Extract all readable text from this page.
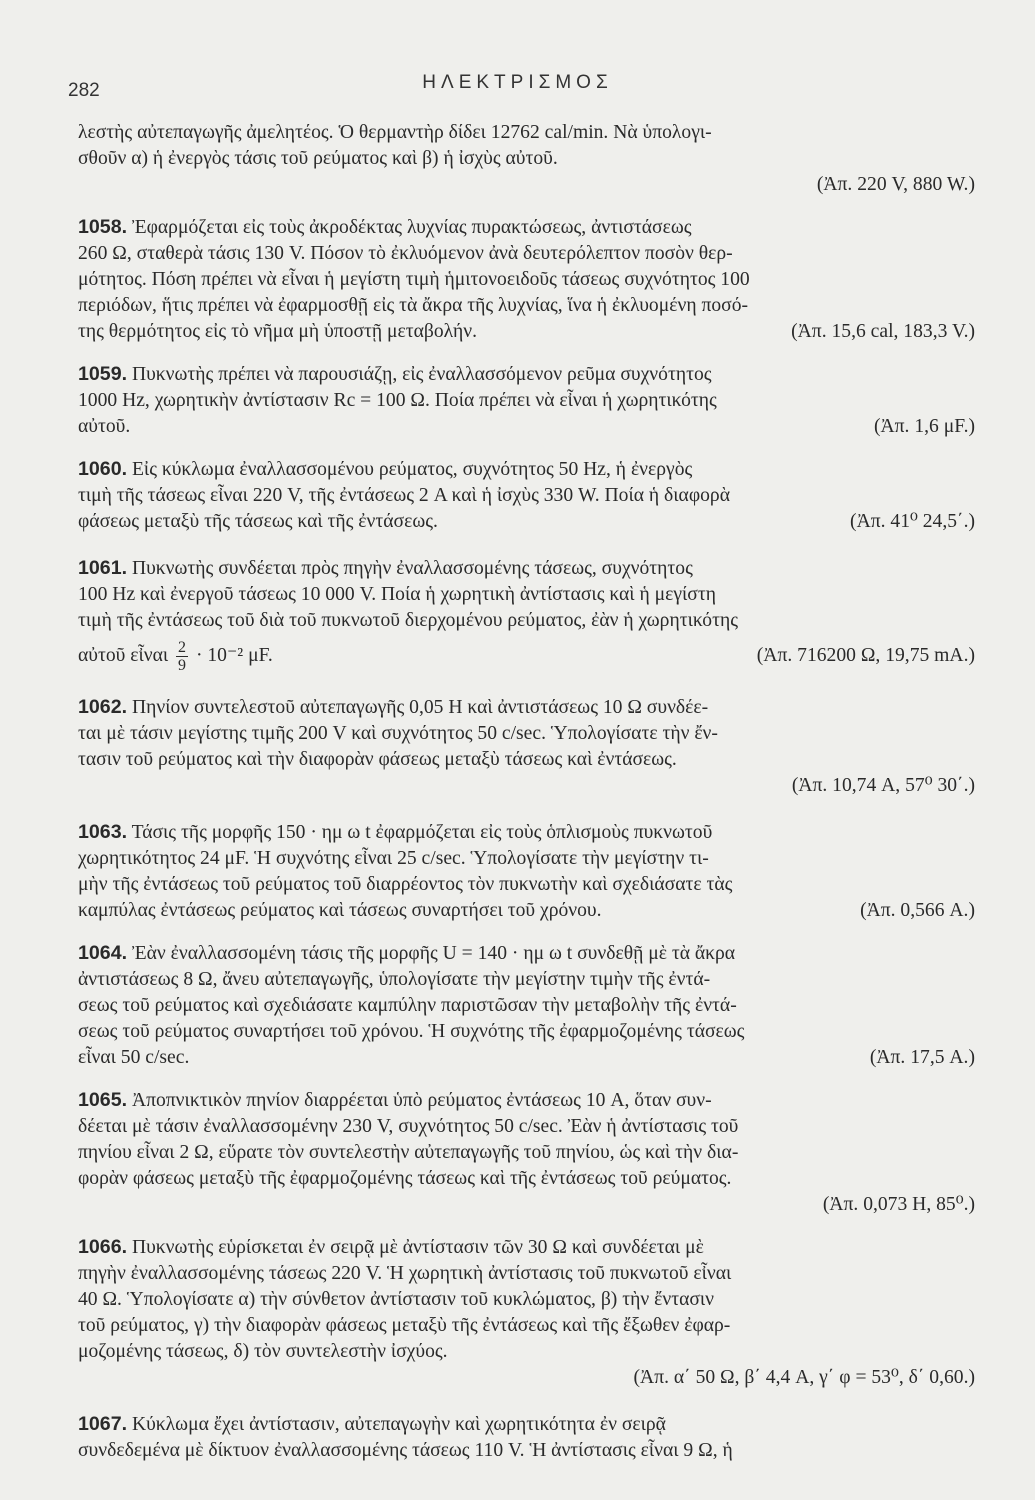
282	ΗΛΕΚΤΡΙΣΜΟΣ
λεστὴς αὐτεπαγωγῆς ἀμελητέος. Ὁ θερμαντὴρ δίδει 12762 cal/min. Νὰ ὑπολογι-
σθοῦν α) ἡ ἐνεργὸς τάσις τοῦ ρεύματος καὶ β) ἡ ἰσχὺς αὐτοῦ.
(Ἀπ. 220 V, 880 W.)
1058. Ἐφαρμόζεται εἰς τοὺς ἀκροδέκτας λυχνίας πυρακτώσεως, ἀντιστάσεως
260 Ω, σταθερὰ τάσις 130 V. Πόσον τὸ ἐκλυόμενον ἀνὰ δευτερόλεπτον ποσὸν θερ-
μότητος. Πόση πρέπει νὰ εἶναι ἡ μεγίστη τιμὴ ἡμιτονοειδοῦς τάσεως συχνότητος 100
περιόδων, ἥτις πρέπει νὰ ἐφαρμοσθῇ εἰς τὰ ἄκρα τῆς λυχνίας, ἵνα ἡ ἐκλυομένη ποσό-
της θερμότητος εἰς τὸ νῆμα μὴ ὑποστῇ μεταβολήν.	(Ἀπ. 15,6 cal, 183,3 V.)
1059. Πυκνωτὴς πρέπει νὰ παρουσιάζῃ, εἰς ἐναλλασσόμενον ρεῦμα συχνότητος
1000 Hz, χωρητικὴν ἀντίστασιν Rc = 100 Ω. Ποία πρέπει νὰ εἶναι ἡ χωρητικότης
αὐτοῦ.	(Ἀπ. 1,6 μF.)
1060. Εἰς κύκλωμα ἐναλλασσομένου ρεύματος, συχνότητος 50 Hz, ἡ ἐνεργὸς
τιμὴ τῆς τάσεως εἶναι 220 V, τῆς ἐντάσεως 2 A καὶ ἡ ἰσχὺς 330 W. Ποία ἡ διαφορὰ
φάσεως μεταξὺ τῆς τάσεως καὶ τῆς ἐντάσεως.	(Ἀπ. 41⁰ 24,5΄.)
1061. Πυκνωτὴς συνδέεται πρὸς πηγὴν ἐναλλασσομένης τάσεως, συχνότητος
100 Hz καὶ ἐνεργοῦ τάσεως 10 000 V. Ποία ἡ χωρητικὴ ἀντίστασις καὶ ἡ μεγίστη
τιμὴ τῆς ἐντάσεως τοῦ διὰ τοῦ πυκνωτοῦ διερχομένου ρεύματος, ἐὰν ἡ χωρητικότης
αὐτοῦ εἶναι $\frac{2}{9} \cdot 10^{-2}$ μF.	(Ἀπ. 716200 Ω, 19,75 mA.)
1062. Πηνίον συντελεστοῦ αὐτεπαγωγῆς 0,05 H καὶ ἀντιστάσεως 10 Ω συνδέε-
ται μὲ τάσιν μεγίστης τιμῆς 200 V καὶ συχνότητος 50 c/sec. Ὑπολογίσατε τὴν ἔν-
τασιν τοῦ ρεύματος καὶ τὴν διαφορὰν φάσεως μεταξὺ τάσεως καὶ ἐντάσεως.
(Ἀπ. 10,74 A, 57⁰ 30΄.)
1063. Τάσις τῆς μορφῆς 150 · ημ ω t ἐφαρμόζεται εἰς τοὺς ὁπλισμοὺς πυκνωτοῦ
χωρητικότητος 24 μF. Ἡ συχνότης εἶναι 25 c/sec. Ὑπολογίσατε τὴν μεγίστην τι-
μὴν τῆς ἐντάσεως τοῦ ρεύματος τοῦ διαρρέοντος τὸν πυκνωτὴν καὶ σχεδιάσατε τὰς
καμπύλας ἐντάσεως ρεύματος καὶ τάσεως συναρτήσει τοῦ χρόνου.	(Ἀπ. 0,566 A.)
1064. Ἐὰν ἐναλλασσομένη τάσις τῆς μορφῆς U = 140 · ημ ω t συνδεθῇ μὲ τὰ ἄκρα
ἀντιστάσεως 8 Ω, ἄνευ αὐτεπαγωγῆς, ὑπολογίσατε τὴν μεγίστην τιμὴν τῆς ἐντά-
σεως τοῦ ρεύματος καὶ σχεδιάσατε καμπύλην παριστῶσαν τὴν μεταβολὴν τῆς ἐντά-
σεως τοῦ ρεύματος συναρτήσει τοῦ χρόνου. Ἡ συχνότης τῆς ἐφαρμοζομένης τάσεως
εἶναι 50 c/sec.	(Ἀπ. 17,5 A.)
1065. Ἀποπνικτικὸν πηνίον διαρρέεται ὑπὸ ρεύματος ἐντάσεως 10 A, ὅταν συν-
δέεται μὲ τάσιν ἐναλλασσομένην 230 V, συχνότητος 50 c/sec. Ἐὰν ἡ ἀντίστασις τοῦ
πηνίου εἶναι 2 Ω, εὕρατε τὸν συντελεστὴν αὐτεπαγωγῆς τοῦ πηνίου, ὡς καὶ τὴν δια-
φορὰν φάσεως μεταξὺ τῆς ἐφαρμοζομένης τάσεως καὶ τῆς ἐντάσεως τοῦ ρεύματος.
(Ἀπ. 0,073 H, 85⁰.)
1066. Πυκνωτὴς εὑρίσκεται ἐν σειρᾷ μὲ ἀντίστασιν τῶν 30 Ω καὶ συνδέεται μὲ
πηγὴν ἐναλλασσομένης τάσεως 220 V. Ἡ χωρητικὴ ἀντίστασις τοῦ πυκνωτοῦ εἶναι
40 Ω. Ὑπολογίσατε α) τὴν σύνθετον ἀντίστασιν τοῦ κυκλώματος, β) τὴν ἔντασιν
τοῦ ρεύματος, γ) τὴν διαφορὰν φάσεως μεταξὺ τῆς ἐντάσεως καὶ τῆς ἔξωθεν ἐφαρ-
μοζομένης τάσεως, δ) τὸν συντελεστὴν ἰσχύος.
(Ἀπ. α΄ 50 Ω, β΄ 4,4 A, γ΄ φ = 53⁰, δ΄ 0,60.)
1067. Κύκλωμα ἔχει ἀντίστασιν, αὐτεπαγωγὴν καὶ χωρητικότητα ἐν σειρᾷ
συνδεδεμένα μὲ δίκτυον ἐναλλασσομένης τάσεως 110 V. Ἡ ἀντίστασις εἶναι 9 Ω, ἡ
